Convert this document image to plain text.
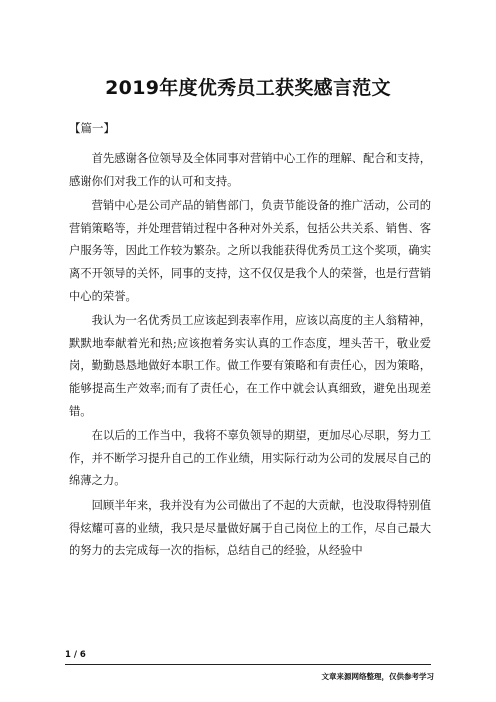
2019年度优秀员工获奖感言范文
【篇一】

首先感谢各位领导及全体同事对营销中心工作的理解、配合和支持，感谢你们对我工作的认可和支持。

营销中心是公司产品的销售部门，负责节能设备的推广活动，公司的营销策略等，并处理营销过程中各种对外关系，包括公共关系、销售、客户服务等，因此工作较为繁杂。之所以我能获得优秀员工这个奖项，确实离不开领导的关怀，同事的支持，这不仅仅是我个人的荣誉，也是行营销中心的荣誉。

我认为一名优秀员工应该起到表率作用，应该以高度的主人翁精神，默默地奉献着光和热;应该抱着务实认真的工作态度，埋头苦干，敬业爱岗，勤勤恳恳地做好本职工作。做工作要有策略和有责任心，因为策略，能够提高生产效率;而有了责任心，在工作中就会认真细致，避免出现差错。

在以后的工作当中，我将不辜负领导的期望，更加尽心尽职，努力工作，并不断学习提升自己的工作业绩，用实际行动为公司的发展尽自己的绵薄之力。

回顾半年来，我并没有为公司做出了不起的大贡献，也没取得特别值得炫耀可喜的业绩，我只是尽量做好属于自己岗位上的工作，尽自己最大的努力的去完成每一次的指标，总结自己的经验，从经验中

1 / 6
文章来源网络整理，仅供参考学习
